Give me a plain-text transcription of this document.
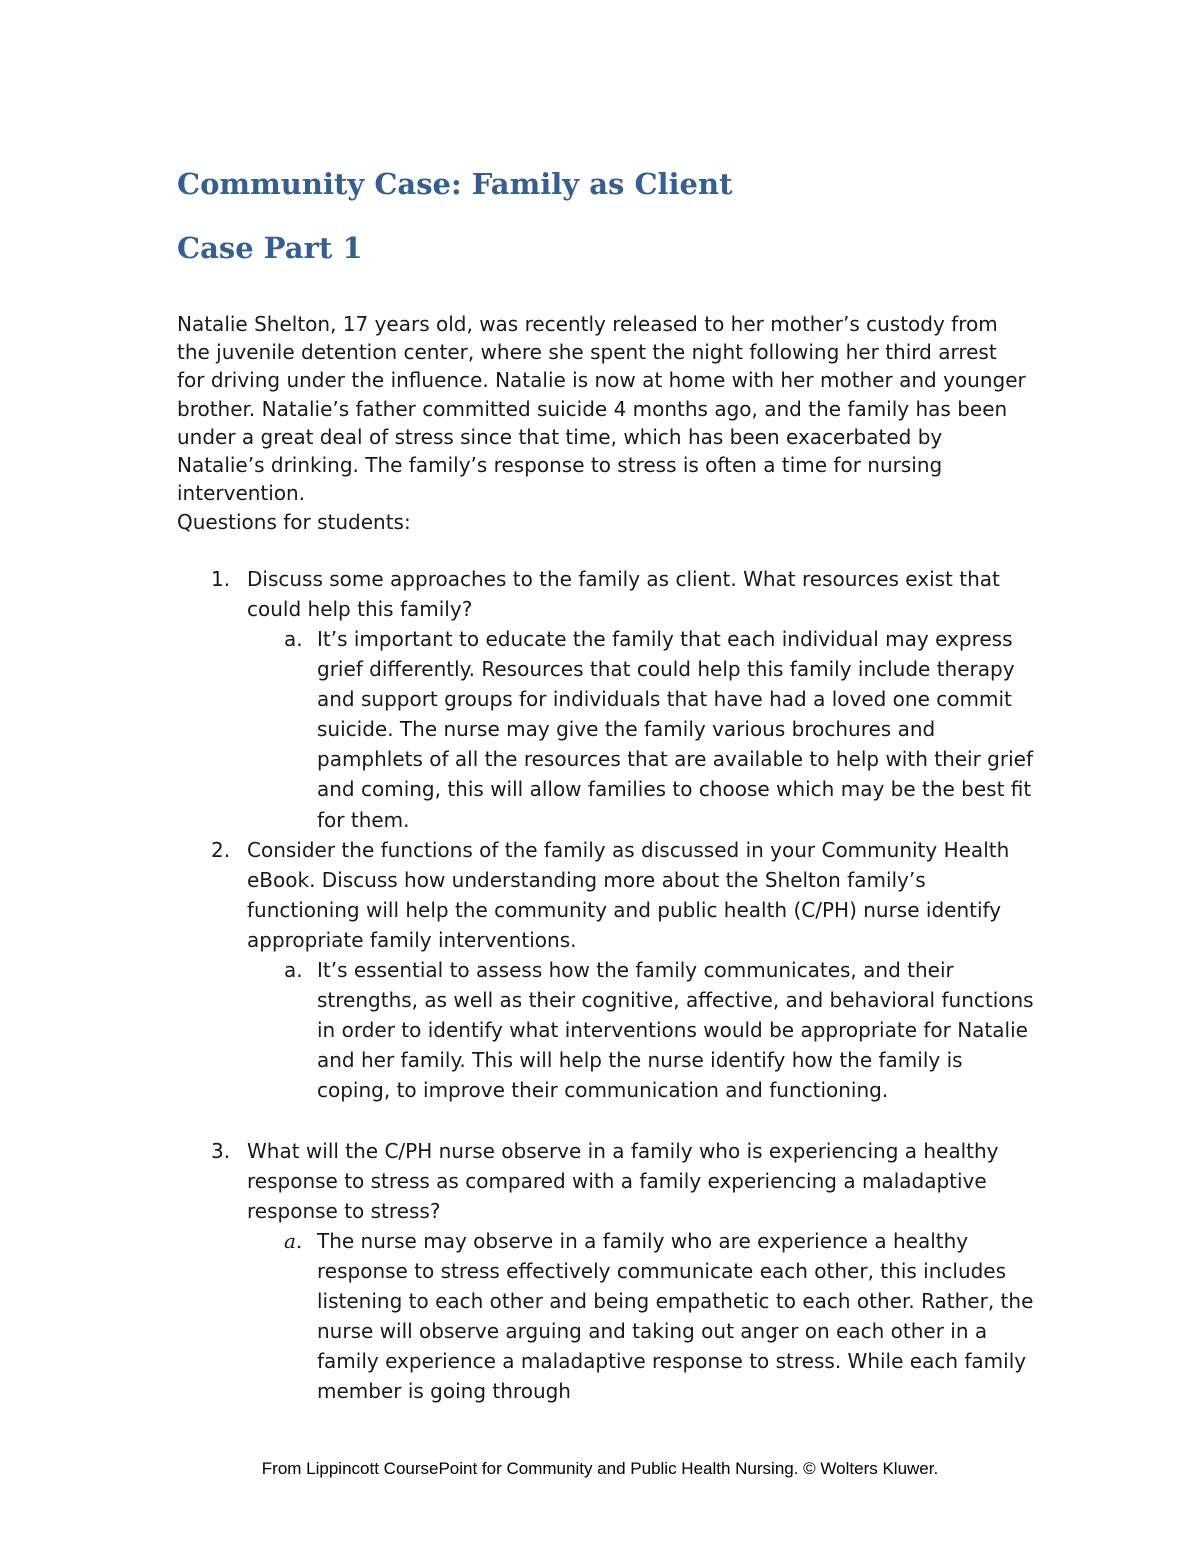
Community Case: Family as Client
Case Part 1

Natalie Shelton, 17 years old, was recently released to her mother’s custody from the juvenile detention center, where she spent the night following her third arrest for driving under the influence. Natalie is now at home with her mother and younger brother. Natalie’s father committed suicide 4 months ago, and the family has been under a great deal of stress since that time, which has been exacerbated by Natalie’s drinking. The family’s response to stress is often a time for nursing intervention.

Questions for students:

1. Discuss some approaches to the family as client. What resources exist that could help this family?

a. It’s important to educate the family that each individual may express grief differently. Resources that could help this family include therapy and support groups for individuals that have had a loved one commit suicide. The nurse may give the family various brochures and pamphlets of all the resources that are available to help with their grief and coming, this will allow families to choose which may be the best fit for them.

2. Consider the functions of the family as discussed in your Community Health eBook. Discuss how understanding more about the Shelton family’s functioning will help the community and public health (C/PH) nurse identify appropriate family interventions.

a. It’s essential to assess how the family communicates, and their strengths, as well as their cognitive, affective, and behavioral functions in order to identify what interventions would be appropriate for Natalie and her family. This will help the nurse identify how the family is coping, to improve their communication and functioning.

3. What will the C/PH nurse observe in a family who is experiencing a healthy response to stress as compared with a family experiencing a maladaptive response to stress?

a. The nurse may observe in a family who are experience a healthy response to stress effectively communicate each other, this includes listening to each other and being empathetic to each other. Rather, the nurse will observe arguing and taking out anger on each other in a family experience a maladaptive response to stress. While each family member is going through

From Lippincott CoursePoint for Community and Public Health Nursing. © Wolters Kluwer.
